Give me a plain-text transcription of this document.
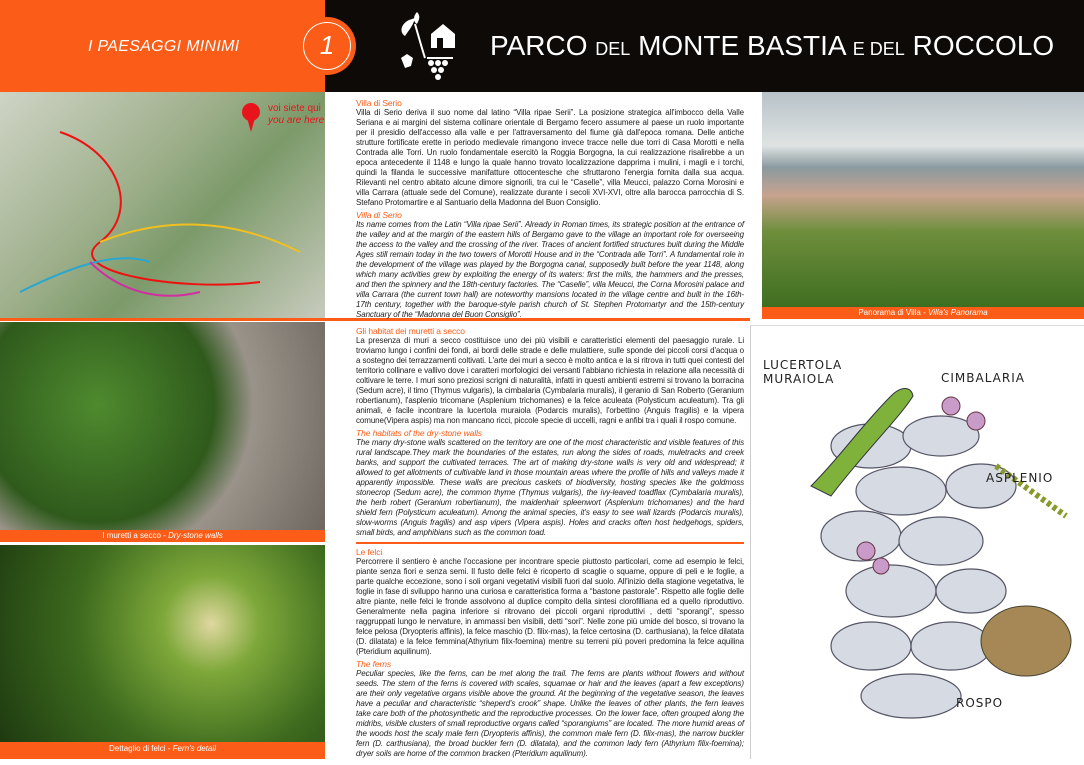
I PAESAGGI MINIMI	1	PARCO DEL MONTE BASTIA E DEL ROCCOLO
voi siete qui
you are here
I muretti a secco - Dry-stone walls
Dettaglio di felci - Fern's detail
Panorama di Villa - Villa's Panorama
Villa di Serio

Villa di Serio deriva il suo nome dal latino “Villa ripae Serii”. La posizione strategica all'imbocco della Valle Seriana e ai margini del sistema collinare orientale di Bergamo fecero assumere al paese un ruolo importante per il presidio dell'accesso alla valle e per l'attraversamento del fiume già dall'epoca romana. Delle antiche strutture fortificate erette in periodo medievale rimangono invece tracce nelle due torri di Casa Morotti e nella Contrada alle Torri. Un ruolo fondamentale esercitò la Roggia Borgogna, la cui realizzazione risalirebbe a un epoca antecedente il 1148 e lungo la quale hanno trovato localizzazione dapprima i mulini, i magli e i torchi, quindi la filanda le successive manifatture ottocentesche che sfruttarono l'energia fornita dalla sua acqua. Rilevanti nel centro abitato alcune dimore signorili, tra cui le “Caselle”, villa Meucci, palazzo Corna Morosini e villa Carrara (attuale sede del Comune), realizzate durante i secoli XVI-XVI, oltre alla barocca parrocchia di S. Stefano Protomartire e al Santuario della Madonna del Buon Consiglio.

Villa di Serio

Its name comes from the Latin “Villa ripae Serii”. Already in Roman times, its strategic position at the entrance of the valley and at the margin of the eastern hills of Bergamo gave to the village an important role for overseeing the access to the valley and the crossing of the river. Traces of ancient fortified structures built during the Middle Ages still remain today in the two towers of Morotti House and in the “Contrada alle Torri”. A fundamental role in the development of the village was played by the Borgogna canal, supposedly built before the year 1148, along which many activities grew by exploiting the energy of its waters: first the mills, the hammers and the presses, and then the spinnery and the 18th-century factories. The “Caselle”, villa Meucci, the Corna Morosini palace and villa Carrara (the current town hall) are noteworthy mansions located in the village centre and built in the 16th-17th century, together with the baroque-style parish church of St. Stephen Protomartyr and the 15th-century Sanctuary of the “Madonna del Buon Consiglio”.

Gli habitat dei muretti a secco

La presenza di muri a secco costituisce uno dei più visibili e caratteristici elementi del paesaggio rurale. Li troviamo lungo i confini dei fondi, ai bordi delle strade e delle mulattiere, sulle sponde dei piccoli corsi d'acqua o a sostegno dei terrazzamenti coltivati. L'arte dei muri a secco è molto antica e la si ritrova in tutti quei contesti del territorio collinare e vallivo dove i caratteri morfologici dei versanti l'abbiano richiesta in relazione alla necessità di coltivare le terre. I muri sono preziosi scrigni di naturalità, infatti in questi ambienti estremi si trovano la borracina (Sedum acre), il timo (Thymus vulgaris), la cimbalaria (Cymbalaria muralis), il geranio di San Roberto (Geranium robertianum), l'asplenio tricomane (Asplenium trichomanes) e la felce aculeata (Polysticum aculeatum). Tra gli animali, è facile incontrare la lucertola muraiola (Podarcis muralis), l'orbettino (Anguis fragilis) e la vipera comune(Vipera aspis) ma non mancano ricci, piccole specie di uccelli, ragni e anfibi tra i quali il rospo comune.

The habitats of the dry-stone walls

The many dry-stone walls scattered on the territory are one of the most characteristic and visible features of this rural landscape.They mark the boundaries of the estates, run along the sides of roads, muletracks and creek banks, and support the cultivated terraces. The art of making dry-stone walls is very old and widespread; it allowed to get allotments of cultivable land in those mountain areas where the profile of hills and valleys made it apparently impossible. These walls are precious caskets of biodiversity, hosting species like the goldmoss stonecrop (Sedum acre), the common thyme (Thymus vulgaris), the ivy-leaved toadflax (Cymbalaria muralis), the herb robert (Geranium robertianum), the maidenhair spleenwort (Asplenium trichomanes) and the hard shield fern (Polysticum aculeatum). Among the animal species, it's easy to see wall lizards (Podarcis muralis), slow-worms (Anguis fragilis) and asp vipers (Vipera aspis). Holes and cracks often host hedgehogs, spiders, small birds, and amphibians such as the common toad.

Le felci

Percorrere il sentiero è anche l'occasione per incontrare specie piuttosto particolari, come ad esempio le felci, piante senza fiori e senza semi. Il fusto delle felci è ricoperto di scaglie o squame, oppure di peli e le foglie, a parte qualche eccezione, sono i soli organi vegetativi visibili fuori dal suolo. All'inizio della stagione vegetativa, le foglie in fase di sviluppo hanno una curiosa e caratteristica forma a “bastone pastorale”. Rispetto alle foglie delle altre piante, nelle felci le fronde assolvono al duplice compito della sintesi clorofilliana ed a quello riproduttivo. Generalmente nella pagina inferiore si ritrovano dei piccoli organi riproduttivi , detti “sporangi”, spesso raggruppati lungo le nervature, in ammassi ben visibili, detti “sori”. Nelle zone più umide del bosco, si trovano la felce pelosa (Dryopteris affinis), la felce maschio (D. filix-mas), la felce certosina (D. carthusiana), la felce dilatata (D. dilatata) e la felce femmina(Athyrium filix-foemina) mentre su terreni più poveri predomina la felce aquilina (Pteridium aquilinum).

The ferns

Peculiar species, like the ferns, can be met along the trail. The ferns are plants without flowers and without seeds. The stem of the ferns is covered with scales, squamae or hair and the leaves (apart a few exceptions) are their only vegetative organs visible above the ground. At the beginning of the vegetative season, the leaves have a peculiar and characteristic “sheperd's crook” shape. Unlike the leaves of other plants, the fern leaves take care both of the photosynthetic and the reproductive processes. On the lower face, often grouped along the midribs, visible clusters of small reproductive organs called “sporangiums” are located. The more humid areas of the woods host the scaly male fern (Dryopteris affinis), the common male fern (D. filix-mas), the narrow buckler fern (D. carthusiana), the broad buckler fern (D. dilatata), and the common lady fern (Athyrium filix-foemina); dryer soils are home of the common bracken (Pteridium aquilinum).

LUCERTOLA MURAIOLA	CIMBALARIA
ASPLENIO
ROSPO
